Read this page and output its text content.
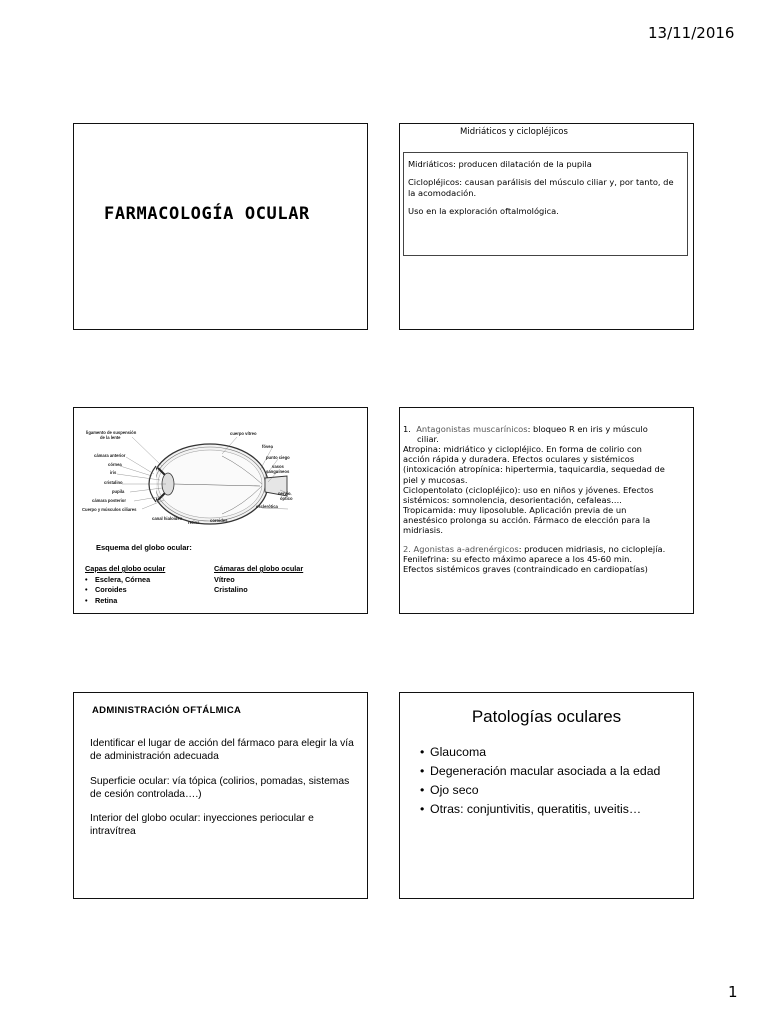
13/11/2016
FARMACOLOGÍA OCULAR
Midriáticos y ciclopléjicos

Midriáticos: producen dilatación de la pupila

Ciclopléjicos: causan parálisis del músculo ciliar y, por tanto, de la acomodación.

Uso en la exploración oftalmológica.

ligamento de suspensión
de la lente
cámara anterior
córnea
iris
cristalino
pupila
cámara posterior
Cuerpo y músculos ciliares
canal hialoideo
retina	coroides
cuerpo vítreo
fóvea
punto ciego
vasos
sanguíneos
nervio
óptico
esclerótica
Esquema del globo ocular:
Capas del globo ocular
• Esclera, Córnea
• Coroides
• Retina
Cámaras del globo ocular
Vítreo
Cristalino

1. Antagonistas muscarínicos: bloqueo R en iris y músculo

ciliar.

Atropina: midriático y ciclopléjico. En forma de colirio con

acción rápida y duradera. Efectos oculares y sistémicos

(intoxicación atropínica: hipertermia, taquicardia, sequedad de

piel y mucosas.

Ciclopentolato (ciclopléjico): uso en niños y jóvenes. Efectos

sistémicos: somnolencia, desorientación, cefaleas….

Tropicamida: muy liposoluble. Aplicación previa de un

anestésico prolonga su acción. Fármaco de elección para la

midriasis.

2. Agonistas a-adrenérgicos: producen midriasis, no cicloplejía.

Fenilefrina: su efecto máximo aparece a los 45-60 min.

Efectos sistémicos graves (contraindicado en cardiopatías)

ADMINISTRACIÓN OFTÁLMICA

Identificar el lugar de acción del fármaco para elegir la vía
de administración adecuada

Superficie ocular: vía tópica (colirios, pomadas, sistemas de cesión controlada….)

Interior del globo ocular: inyecciones periocular e intravítrea

Patologías oculares
• Glaucoma
• Degeneración macular asociada a la edad
• Ojo seco
• Otras: conjuntivitis, queratitis, uveitis…
1
